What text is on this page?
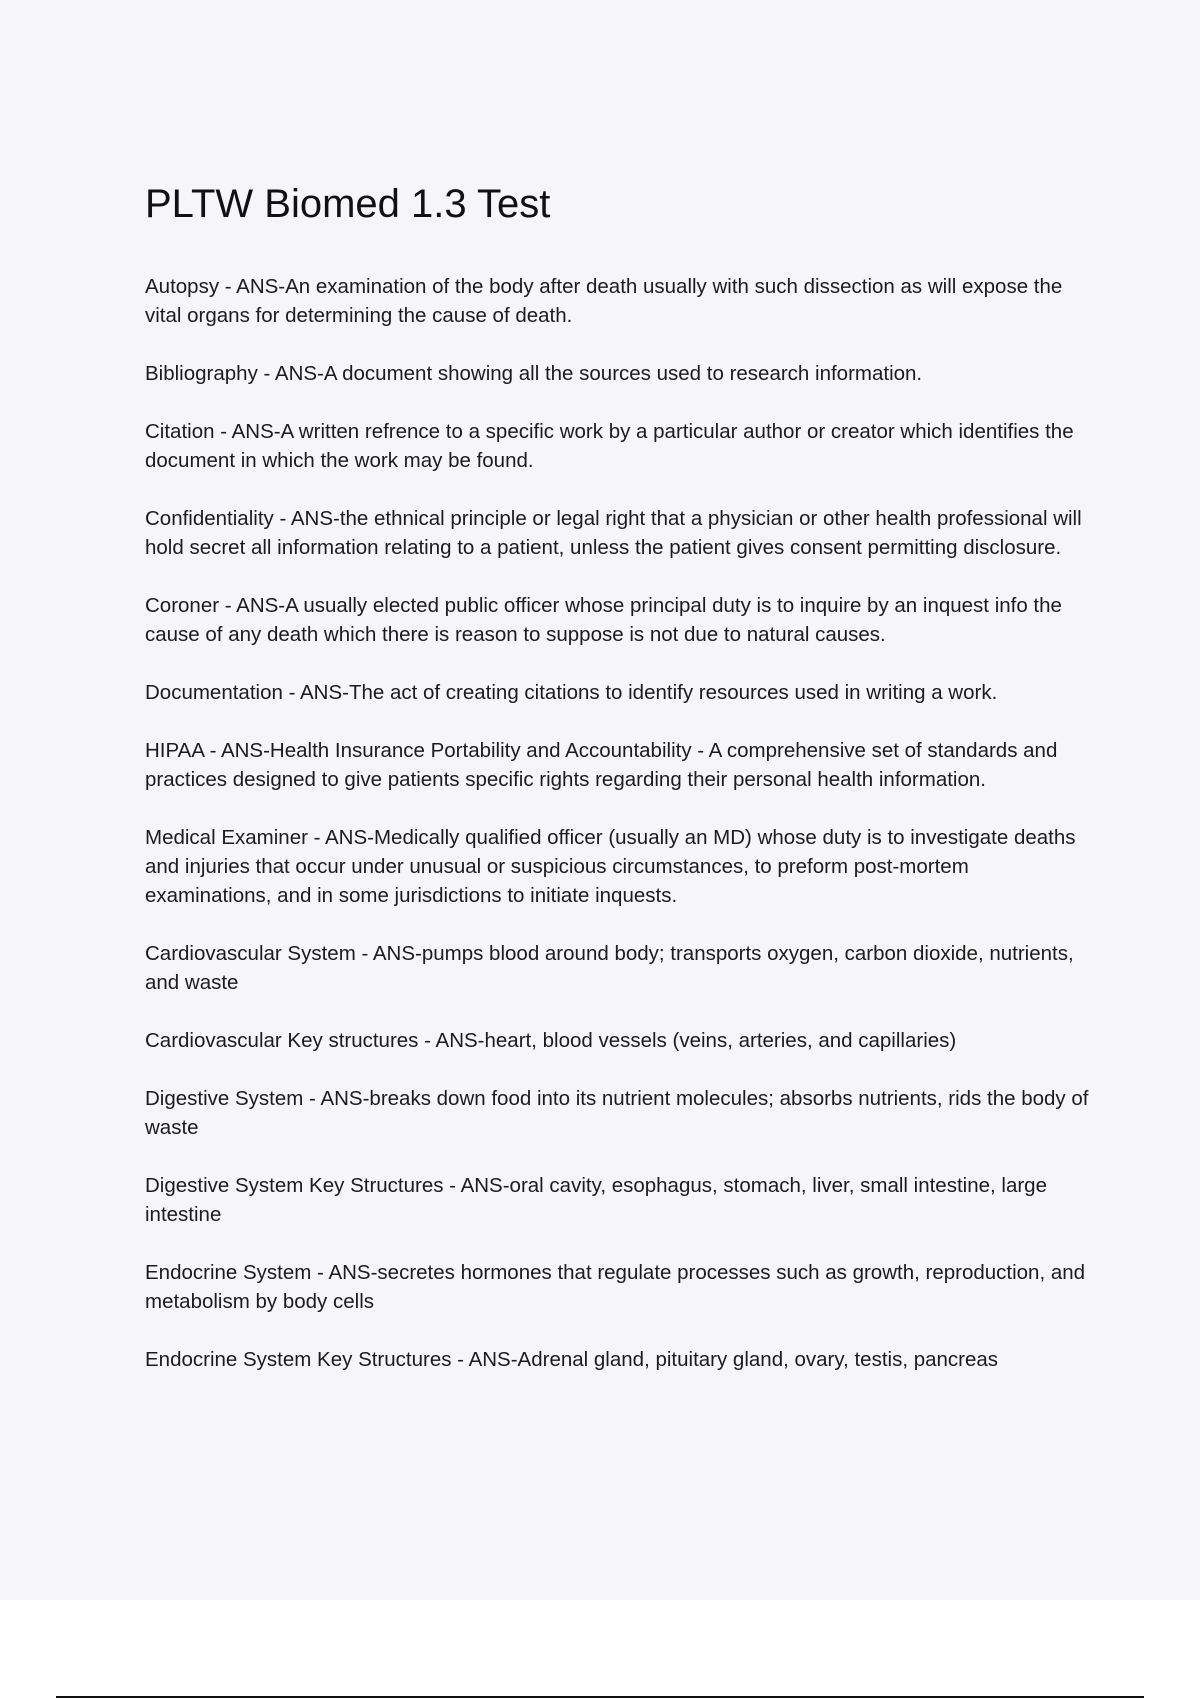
PLTW Biomed 1.3 Test

Autopsy - ANS-An examination of the body after death usually with such dissection as will expose the vital organs for determining the cause of death.

Bibliography - ANS-A document showing all the sources used to research information.

Citation - ANS-A written refrence to a specific work by a particular author or creator which identifies the document in which the work may be found.

Confidentiality - ANS-the ethnical principle or legal right that a physician or other health professional will hold secret all information relating to a patient, unless the patient gives consent permitting disclosure.

Coroner - ANS-A usually elected public officer whose principal duty is to inquire by an inquest info the cause of any death which there is reason to suppose is not due to natural causes.

Documentation - ANS-The act of creating citations to identify resources used in writing a work.

HIPAA - ANS-Health Insurance Portability and Accountability - A comprehensive set of standards and practices designed to give patients specific rights regarding their personal health information.

Medical Examiner - ANS-Medically qualified officer (usually an MD) whose duty is to investigate deaths and injuries that occur under unusual or suspicious circumstances, to preform post-mortem examinations, and in some jurisdictions to initiate inquests.

Cardiovascular System - ANS-pumps blood around body; transports oxygen, carbon dioxide, nutrients, and waste

Cardiovascular Key structures - ANS-heart, blood vessels (veins, arteries, and capillaries)

Digestive System - ANS-breaks down food into its nutrient molecules; absorbs nutrients, rids the body of waste

Digestive System Key Structures - ANS-oral cavity, esophagus, stomach, liver, small intestine, large intestine

Endocrine System - ANS-secretes hormones that regulate processes such as growth, reproduction, and metabolism by body cells

Endocrine System Key Structures - ANS-Adrenal gland, pituitary gland, ovary, testis, pancreas
